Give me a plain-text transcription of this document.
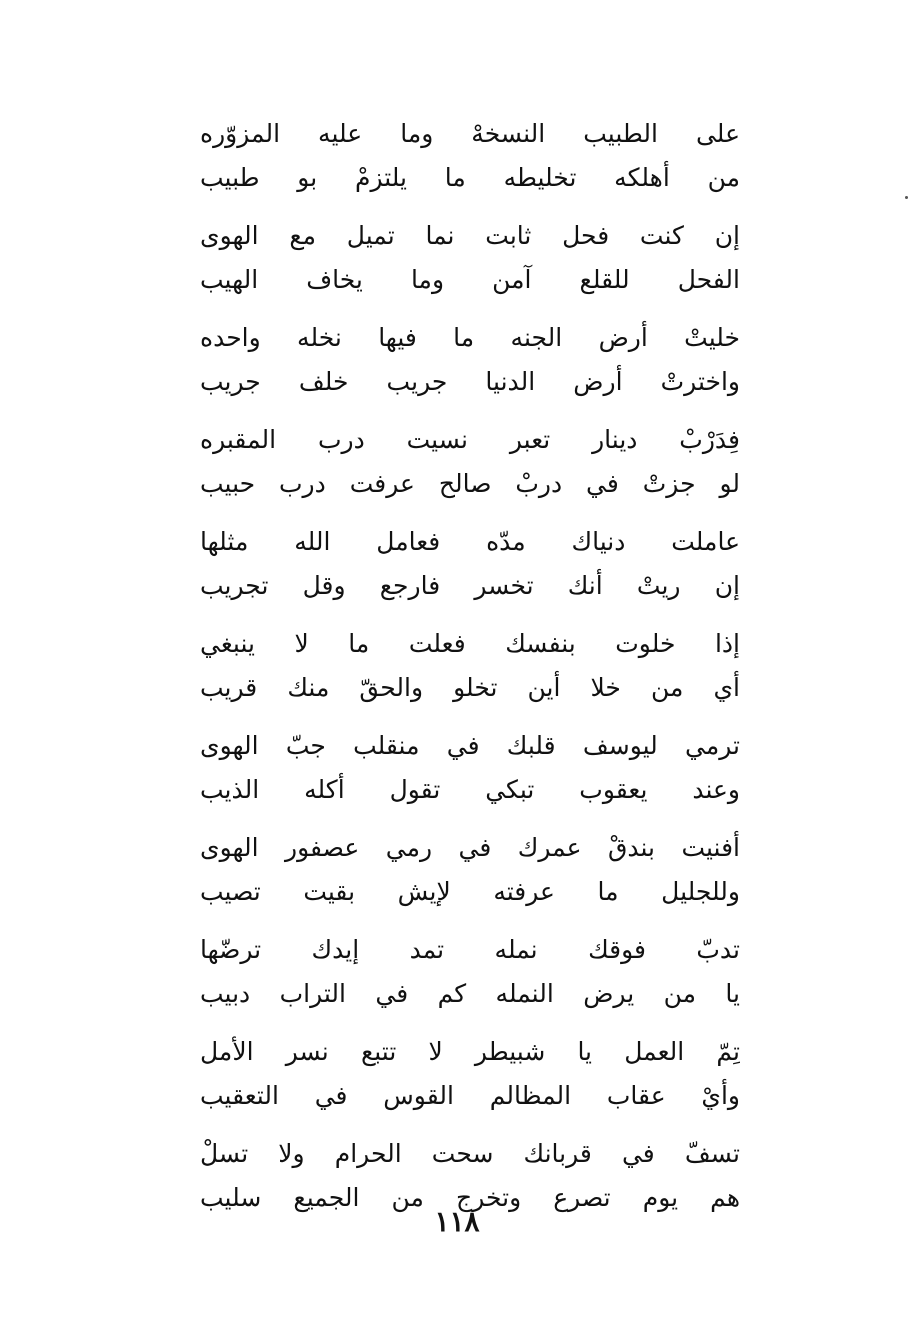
على الطبيب النسخهْ وما عليه المزوّره
من أهلكه تخليطه ما يلتزمْ بو طبيب
إن كنت فحل ثابت نما تميل مع الهوى
الفحل للقلع آمن وما يخاف الهيب
خليتْ أرض الجنه ما فيها نخله واحده
واخترتْ أرض الدنيا جريب خلف جريب
فِدَرْبْ دينار تعبر نسيت درب المقبره
لو جزتْ في دربْ صالح عرفت درب حبيب
عاملت دنياك مدّه فعامل الله مثلها
إن ريتْ أنك تخسر فارجع وقل تجريب
إذا خلوت بنفسك فعلت ما لا ينبغي
أي من خلا أين تخلو والحقّ منك قريب
ترمي ليوسف قلبك في منقلب جبّ الهوى
وعند يعقوب تبكي تقول أكله الذيب
أفنيت بندقْ عمرك في رمي عصفور الهوى
وللجليل ما عرفته لإيش بقيت تصيب
تدبّ فوقك نمله تمد إيدك ترضّها
يا من يرض النمله كم في التراب دبيب
تِمّ العمل يا شبيطر لا تتبع نسر الأمل
وأيْ عقاب المظالم القوس في التعقيب
تسفّ في قربانك سحت الحرام ولا تسلْ
هم يوم تصرع وتخرج من الجميع سليب
١١٨
